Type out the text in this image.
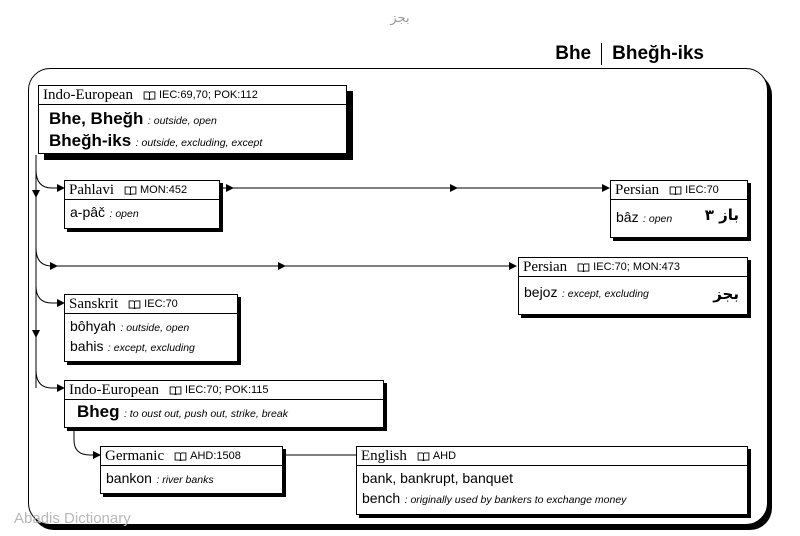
بجز
Bhe Bheğh-iks
Indo-European IEC:69,70; POK:112
Bhe, Bheğh : outside, open
Bheğh-iks : outside, excluding, except
Pahlavi MON:452
a-pâč : open
Persian IEC:70
bâz : open باز ۳
Persian IEC:70; MON:473
bejoz : except, excluding	بجز
Sanskrit IEC:70
bôhyah : outside, open
bahis : except, excluding
Indo-European IEC:70; POK:115
Bheg : to oust out, push out, strike, break
Germanic AHD:1508
bankon : river banks
English AHD
bank, bankrupt, banquet
bench : originally used by bankers to exchange money
Abadis Dictionary
